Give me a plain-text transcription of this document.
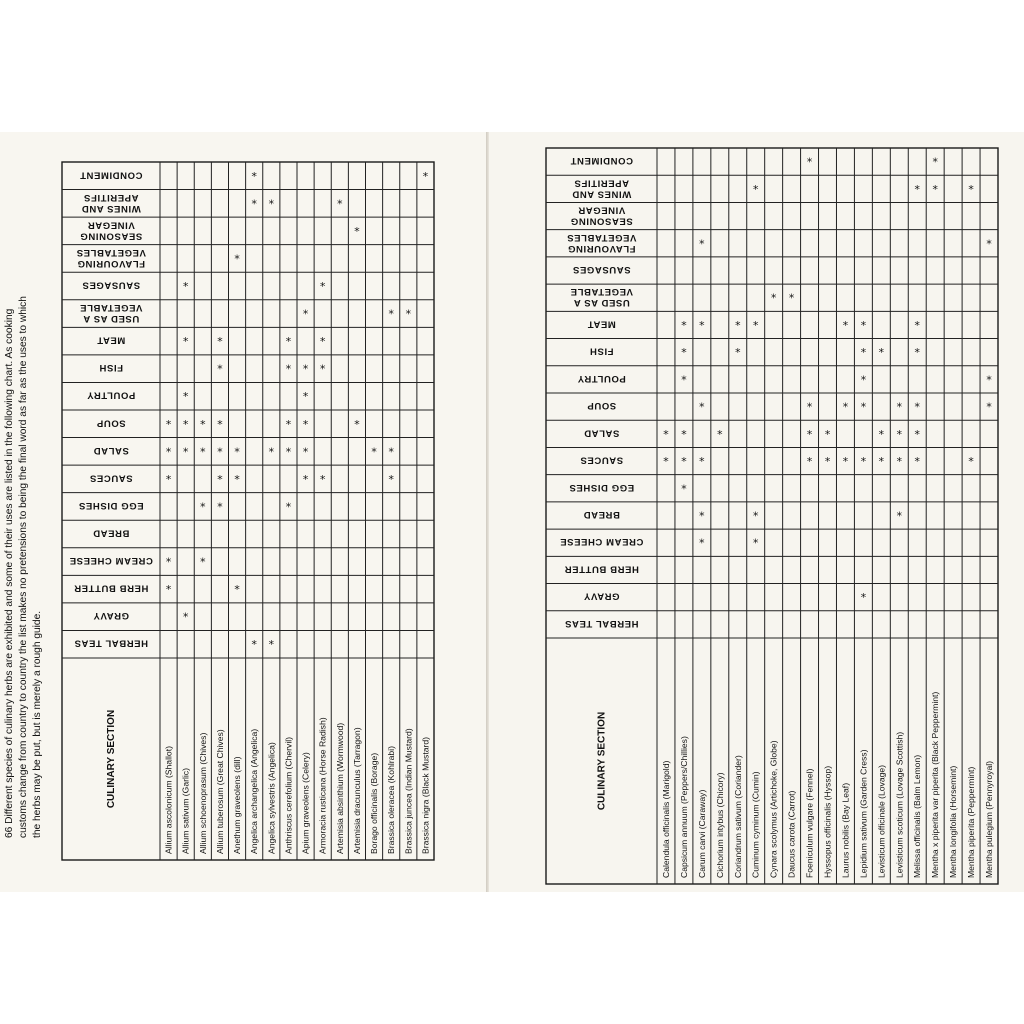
66 Different species of culinary herbs are exhibited and some of their uses are listed in the following chart. As cooking customs change from country to country the list makes no pretensions to being the final word as far as the uses to which the herbs may be put, but is merely a rough guide.
CONDIMENT
WINES ANDAPERITIFS
SEASONINGVINEGAR
FLAVOURINGVEGETABLES
SAUSAGES
USED AS AVEGETABLE
MEAT
FISH
POULTRY
SOUP
SALAD
SAUCES
EGG DISHES
BREAD
CREAM CHEESE
HERB BUTTER
GRAVY
HERBAL TEAS
CULINARY SECTION	Allium ascolonicum (Shallot)
*
*
*
*
*
Allium sativum (Garlic)
*
*
*
*
*
*
Allium schoenoprasum (Chives)
*
*
*
*
Allium tuberosum (Great Chives)
*
*
*
*
*
*
Anethum graveolens (dill)
*
*
*
*
Angelica archangelica (Angelica)
*
*
*
Angelica sylvestris (Angelica)
*
*
*
Anthriscus cerefolium (Chervil)
*
*
*
*
*
Apium graveolens (Celery)
*
*
*
*
*
*
Armoracia rusticana (Horse Radish)
*
*
*
*
Artemisia absinthium (Wormwood)
*
Artemisia dracunculus (Tarragon)
*
*
Borago officinalis (Borage)
*
Brassica oleracea (Kohlrabi)
*
*
*
Brassica juncea (Indian Mustard)
*
Brassica nigra (Black Mustard)
*
CONDIMENT
WINES ANDAPERITIFS
SEASONINGVINEGAR
FLAVOURINGVEGETABLES
SAUSAGES
USED AS AVEGETABLE
MEAT
FISH
POULTRY
SOUP
SALAD
SAUCES
EGG DISHES
BREAD
CREAM CHEESE
HERB BUTTER
GRAVY
HERBAL TEAS
CULINARY SECTION	Calendula officinalis (Marigold)
*
*
Capsicum annuum (Peppers/Chillies)
*
*
*
*
*
*
Carum carvi (Caraway)
*
*
*
*
*
*
Cichorium intybus (Chicory)
*
Coriandrum sativum (Coriander)
*
*
Cuminum cyminum (Cumin)
*
*
*
*
Cynara scolymus (Artichoke, Globe)
*
Daucus carota (Carrot)
*
Foeniculum vulgare (Fennel)
*
*
*
*
Hyssopus officinalis (Hyssop)
*
*
Laurus nobilis (Bay Leaf)
*
*
*
Lepidium sativum (Garden Cress)
*
*
*
*
*
*
Levisticum officinale (Lovage)
*
*
*
Levisticum scoticum (Lovage Scottish)
*
*
*
*
Melissa officinalis (Balm Lemon)
*
*
*
*
*
*
Mentha x piperita var piperita (Black Peppermint)
*
*
Mentha longifolia (Horsemint) Mentha piperita (Peppermint)
*
*
Mentha pulegium (Pennyroyal)
*
*
*
